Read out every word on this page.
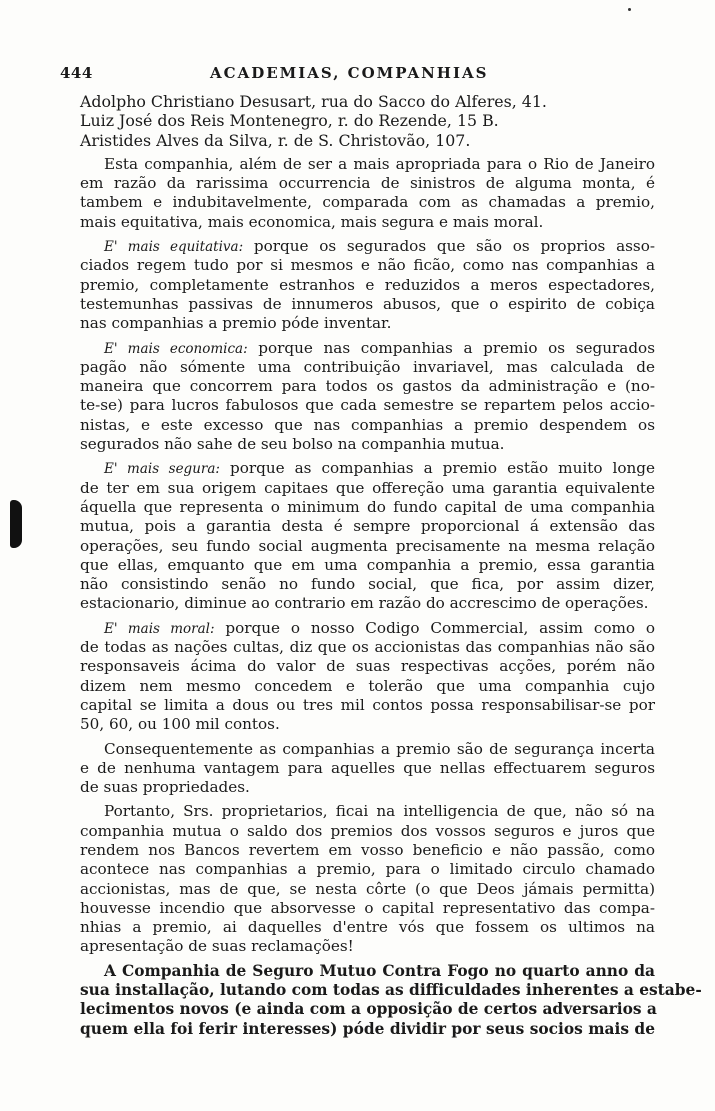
444	ACADEMIAS, COMPANHIAS
Adolpho Christiano Desusart, rua do Sacco do Alferes, 41.
Luiz José dos Reis Montenegro, r. do Rezende, 15 B.
Aristides Alves da Silva, r. de S. Christovão, 107.
Esta companhia, além de ser a mais apropriada para o Rio de Janeiro
em razão da rarissima occurrencia de sinistros de alguma monta, é
tambem e indubitavelmente, comparada com as chamadas a premio,
mais equitativa, mais economica, mais segura e mais moral.
E' mais equitativa: porque os segurados que são os proprios asso-
ciados regem tudo por si mesmos e não ficão, como nas companhias a
premio, completamente estranhos e reduzidos a meros espectadores,
testemunhas passivas de innumeros abusos, que o espirito de cobiça
nas companhias a premio póde inventar.
E' mais economica: porque nas companhias a premio os segurados
pagão não sómente uma contribuição invariavel, mas calculada de
maneira que concorrem para todos os gastos da administração e (no-
te-se) para lucros fabulosos que cada semestre se repartem pelos accio-
nistas, e este excesso que nas companhias a premio despendem os
segurados não sahe de seu bolso na companhia mutua.
E' mais segura: porque as companhias a premio estão muito longe
de ter em sua origem capitaes que offereção uma garantia equivalente
áquella que representa o minimum do fundo capital de uma companhia
mutua, pois a garantia desta é sempre proporcional á extensão das
operações, seu fundo social augmenta precisamente na mesma relação
que ellas, emquanto que em uma companhia a premio, essa garantia
não consistindo senão no fundo social, que fica, por assim dizer,
estacionario, diminue ao contrario em razão do accrescimo de operações.
E' mais moral: porque o nosso Codigo Commercial, assim como o
de todas as nações cultas, diz que os accionistas das companhias não são
responsaveis ácima do valor de suas respectivas acções, porém não
dizem nem mesmo concedem e tolerão que uma companhia cujo
capital se limita a dous ou tres mil contos possa responsabilisar-se por
50, 60, ou 100 mil contos.
Consequentemente as companhias a premio são de segurança incerta
e de nenhuma vantagem para aquelles que nellas effectuarem seguros
de suas propriedades.
Portanto, Srs. proprietarios, ficai na intelligencia de que, não só na
companhia mutua o saldo dos premios dos vossos seguros e juros que
rendem nos Bancos revertem em vosso beneficio e não passão, como
acontece nas companhias a premio, para o limitado circulo chamado
accionistas, mas de que, se nesta côrte (o que Deos jámais permitta)
houvesse incendio que absorvesse o capital representativo das compa-
nhias a premio, ai daquelles d'entre vós que fossem os ultimos na
apresentação de suas reclamações!
A Companhia de Seguro Mutuo Contra Fogo no quarto anno da
sua installação, lutando com todas as difficuldades inherentes a estabe-
lecimentos novos (e ainda com a opposição de certos adversarios a
quem ella foi ferir interesses) póde dividir por seus socios mais de
